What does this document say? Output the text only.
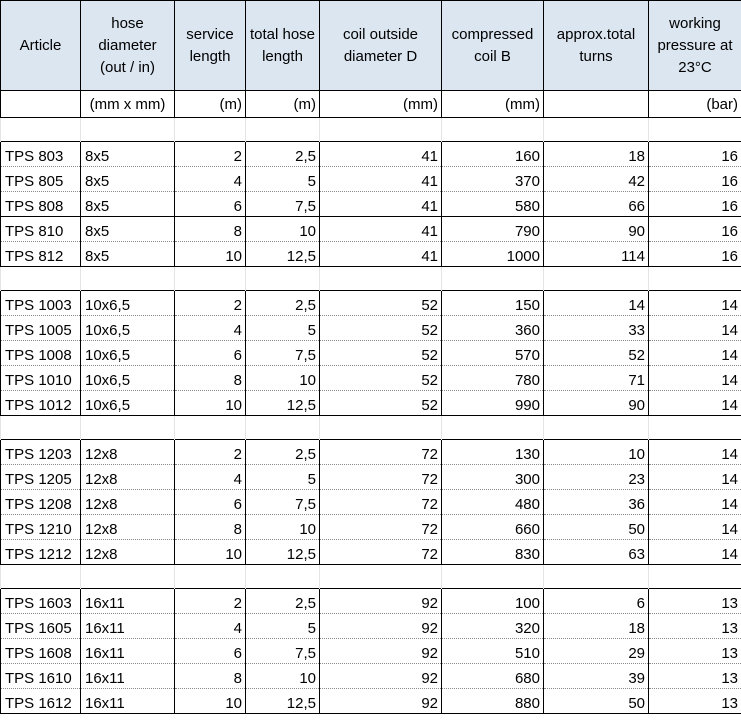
Article	hose diameter (out / in)	service length	total hose length	coil outside diameter D	compressed coil B	approx.total turns	working pressure at 23°C
	(mm x mm)	(m)	(m)	(mm)	(mm)		(bar)

TPS 803	8x5	2	2,5	41	160	18	16
TPS 805	8x5	4	5	41	370	42	16
TPS 808	8x5	6	7,5	41	580	66	16
TPS 810	8x5	8	10	41	790	90	16
TPS 812	8x5	10	12,5	41	1000	114	16

TPS 1003	10x6,5	2	2,5	52	150	14	14
TPS 1005	10x6,5	4	5	52	360	33	14
TPS 1008	10x6,5	6	7,5	52	570	52	14
TPS 1010	10x6,5	8	10	52	780	71	14
TPS 1012	10x6,5	10	12,5	52	990	90	14

TPS 1203	12x8	2	2,5	72	130	10	14
TPS 1205	12x8	4	5	72	300	23	14
TPS 1208	12x8	6	7,5	72	480	36	14
TPS 1210	12x8	8	10	72	660	50	14
TPS 1212	12x8	10	12,5	72	830	63	14

TPS 1603	16x11	2	2,5	92	100	6	13
TPS 1605	16x11	4	5	92	320	18	13
TPS 1608	16x11	6	7,5	92	510	29	13
TPS 1610	16x11	8	10	92	680	39	13
TPS 1612	16x11	10	12,5	92	880	50	13
